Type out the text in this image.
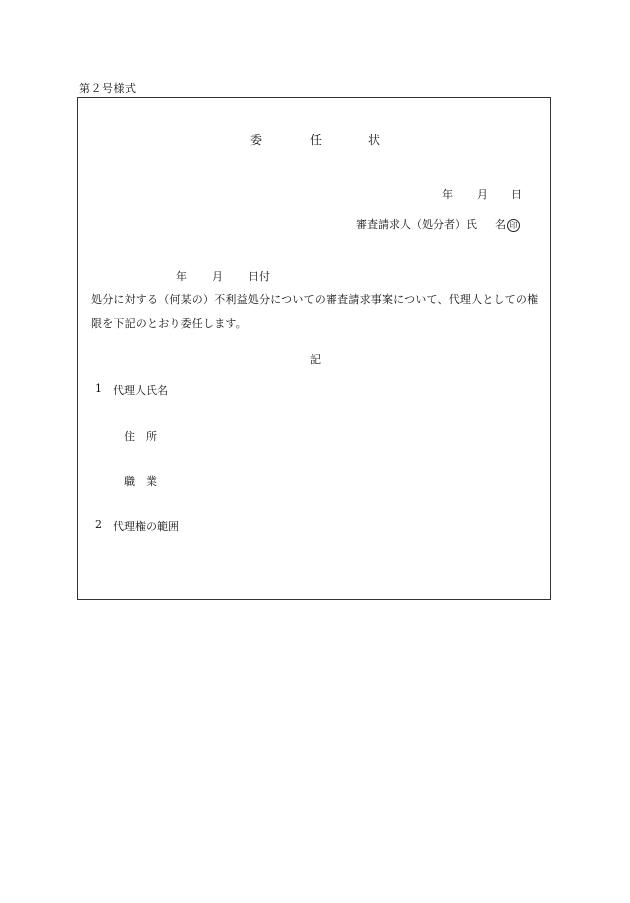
第２号様式
委	任	状
年 月 日
審査請求人（処分者）氏 名 印
年 月 日付
処分に対する（何某の）不利益処分についての審査請求事案について、代理人としての権
限を下記のとおり委任します。
記
1 代理人氏名
住　所
職　業
2 代理権の範囲
